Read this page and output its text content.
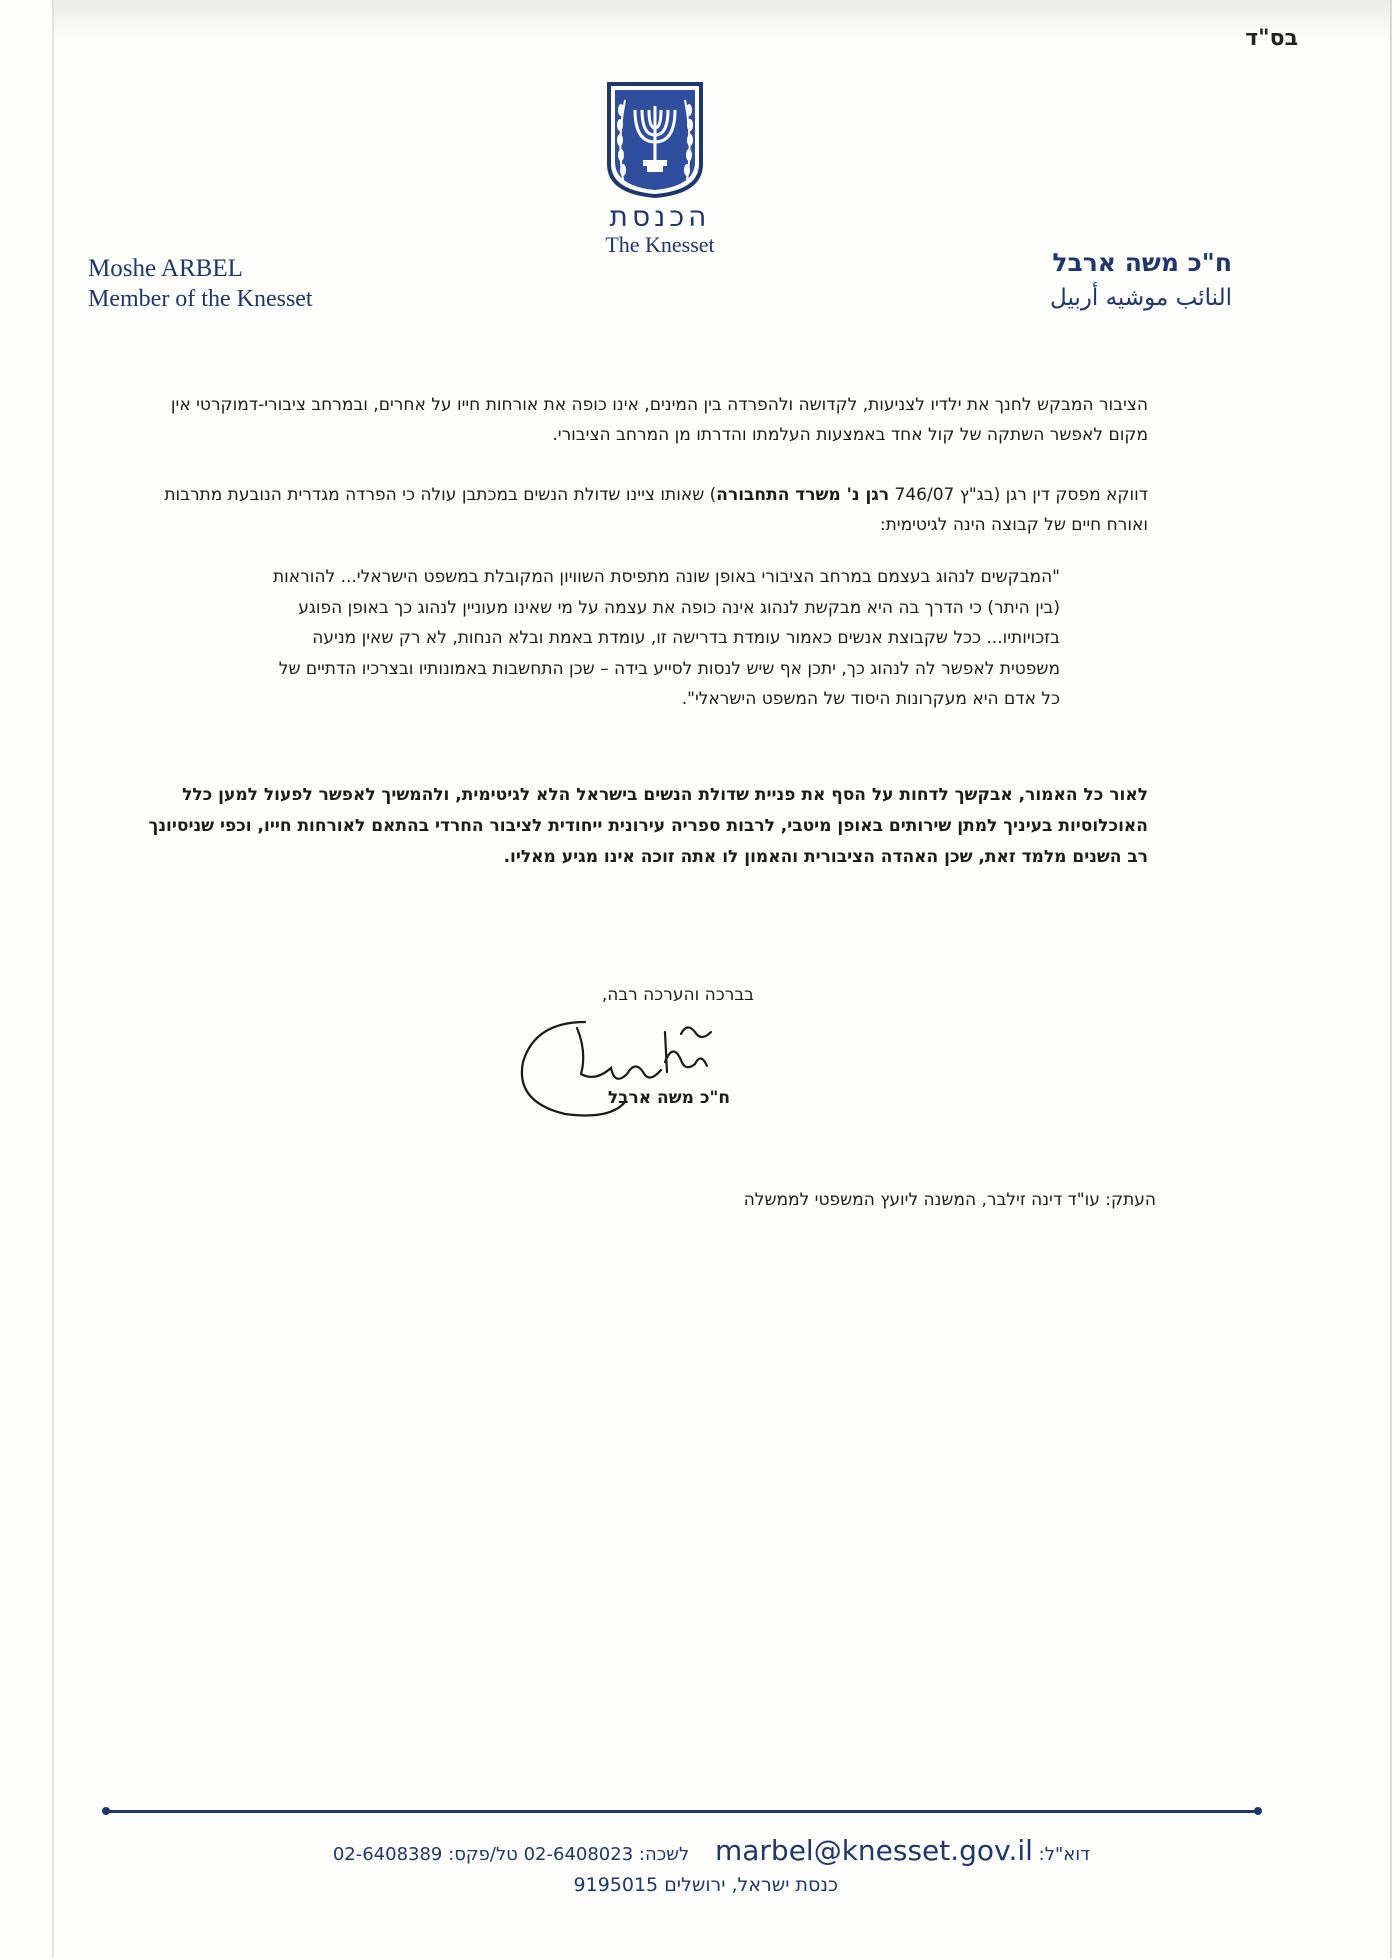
בס"ד
הכנסת
The Knesset
Moshe ARBEL
Member of the Knesset
ח"כ משה ארבל
النائب موشيه أربيل
הציבור המבקש לחנך את ילדיו לצניעות, לקדושה ולהפרדה בין המינים, אינו כופה את אורחות חייו על אחרים, ובמרחב ציבורי-דמוקרטי אין מקום לאפשר השתקה של קול אחד באמצעות העלמתו והדרתו מן המרחב הציבורי.
דווקא מפסק דין רגן (בג"ץ 746/07 רגן נ' משרד התחבורה) שאותו ציינו שדולת הנשים במכתבן עולה כי הפרדה מגדרית הנובעת מתרבות ואורח חיים של קבוצה הינה לגיטימית:
"המבקשים לנהוג בעצמם במרחב הציבורי באופן שונה מתפיסת השוויון המקובלת במשפט הישראלי... להוראות (בין היתר) כי הדרך בה היא מבקשת לנהוג אינה כופה את עצמה על מי שאינו מעוניין לנהוג כך באופן הפוגע בזכויותיו... ככל שקבוצת אנשים כאמור עומדת בדרישה זו, עומדת באמת ובלא הנחות, לא רק שאין מניעה משפטית לאפשר לה לנהוג כך, יתכן אף שיש לנסות לסייע בידה – שכן התחשבות באמונותיו ובצרכיו הדתיים של כל אדם היא מעקרונות היסוד של המשפט הישראלי".
לאור כל האמור, אבקשך לדחות על הסף את פניית שדולת הנשים בישראל הלא לגיטימית, ולהמשיך לאפשר לפעול למען כלל האוכלוסיות בעיניך למתן שירותים באופן מיטבי, לרבות ספריה עירונית ייחודית לציבור החרדי בהתאם לאורחות חייו, וכפי שניסיונך רב השנים מלמד זאת, שכן האהדה הציבורית והאמון לו אתה זוכה אינו מגיע מאליו.
בברכה והערכה רבה,
ח"כ משה ארבל
העתק: עו"ד דינה זילבר, המשנה ליועץ המשפטי לממשלה
דוא"ל: marbel@knesset.gov.il לשכה: 02-6408023 טל/פקס: 02-6408389
כנסת ישראל, ירושלים 9195015
